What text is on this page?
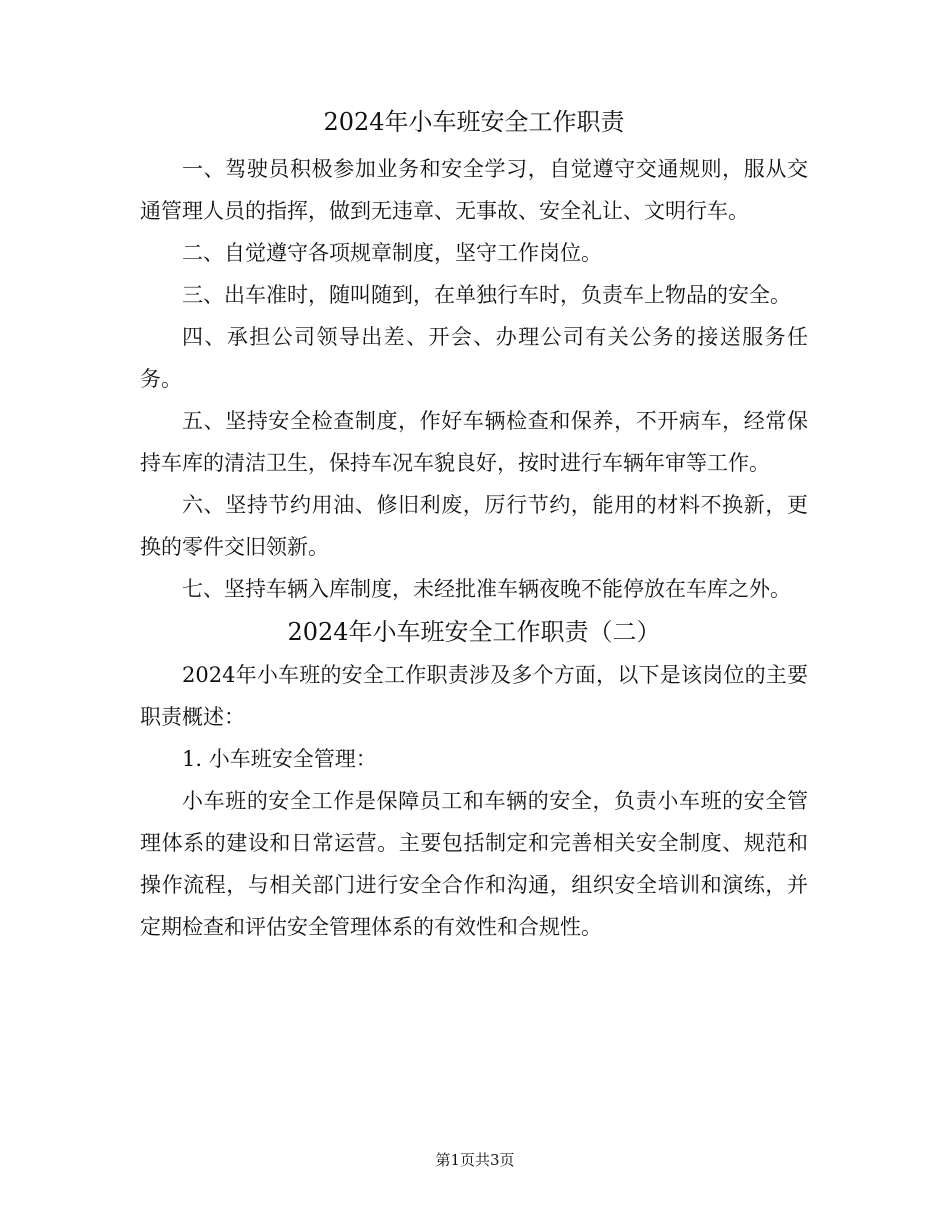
2024年小车班安全工作职责

一、驾驶员积极参加业务和安全学习，自觉遵守交通规则，服从交通管理人员的指挥，做到无违章、无事故、安全礼让、文明行车。

二、自觉遵守各项规章制度，坚守工作岗位。

三、出车准时，随叫随到，在单独行车时，负责车上物品的安全。

四、承担公司领导出差、开会、办理公司有关公务的接送服务任务。

五、坚持安全检查制度，作好车辆检查和保养，不开病车，经常保持车库的清洁卫生，保持车况车貌良好，按时进行车辆年审等工作。

六、坚持节约用油、修旧利废，厉行节约，能用的材料不换新，更换的零件交旧领新。

七、坚持车辆入库制度，未经批准车辆夜晚不能停放在车库之外。

2024年小车班安全工作职责（二）

2024年小车班的安全工作职责涉及多个方面，以下是该岗位的主要职责概述：

1. 小车班安全管理：

小车班的安全工作是保障员工和车辆的安全，负责小车班的安全管理体系的建设和日常运营。主要包括制定和完善相关安全制度、规范和操作流程，与相关部门进行安全合作和沟通，组织安全培训和演练，并定期检查和评估安全管理体系的有效性和合规性。

第1页共3页
